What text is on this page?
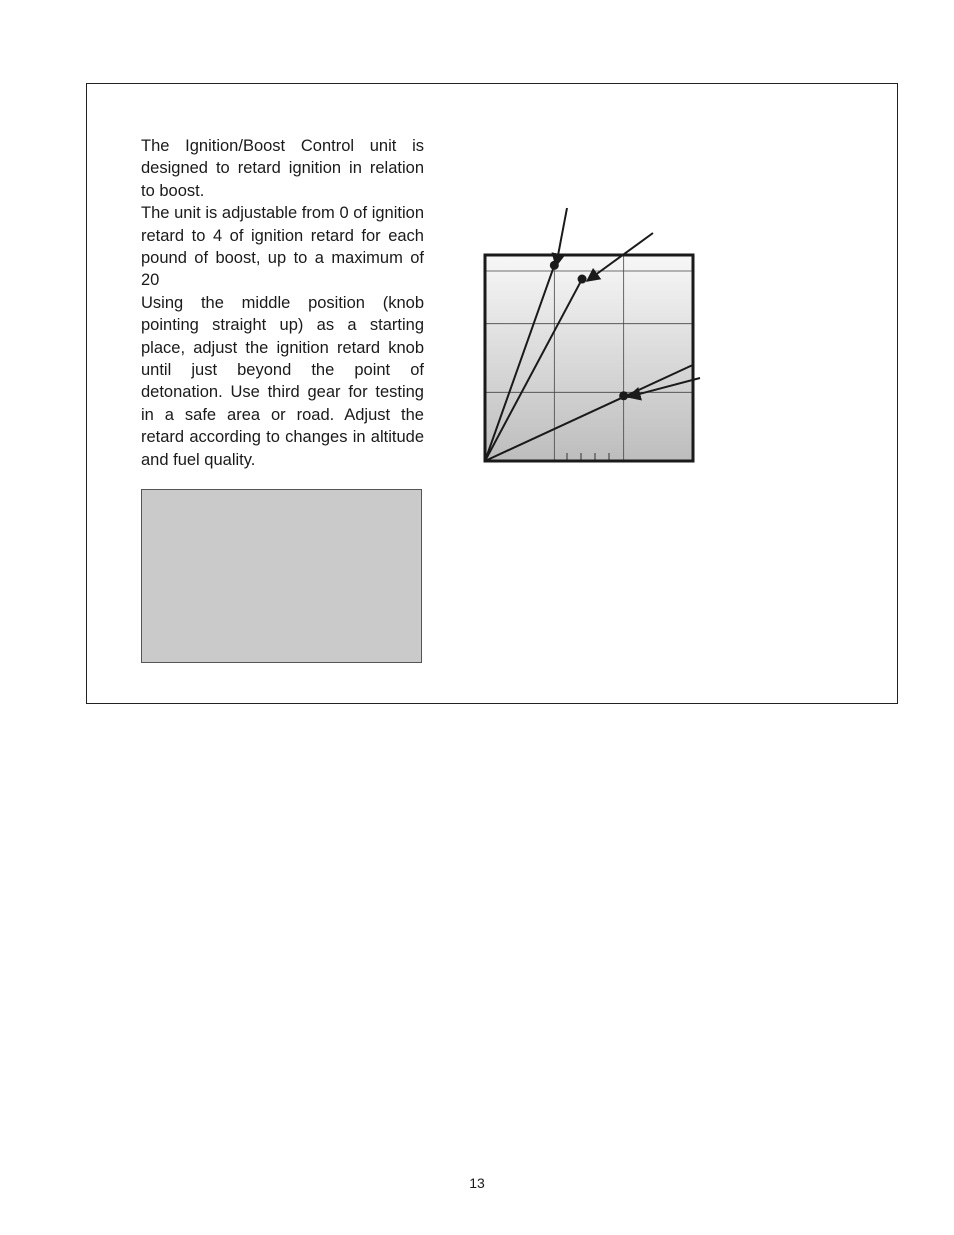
The Ignition/Boost Control unit is designed to retard ignition in relation to boost.

The unit is adjustable from 0 of ignition retard to 4 of ignition retard for each pound of boost, up to a maximum of 20

Using the middle position (knob pointing straight up) as a starting place, adjust the ignition retard knob until just beyond the point of detonation. Use third gear for testing in a safe area or road. Adjust the retard according to changes in altitude and fuel quality.

13
